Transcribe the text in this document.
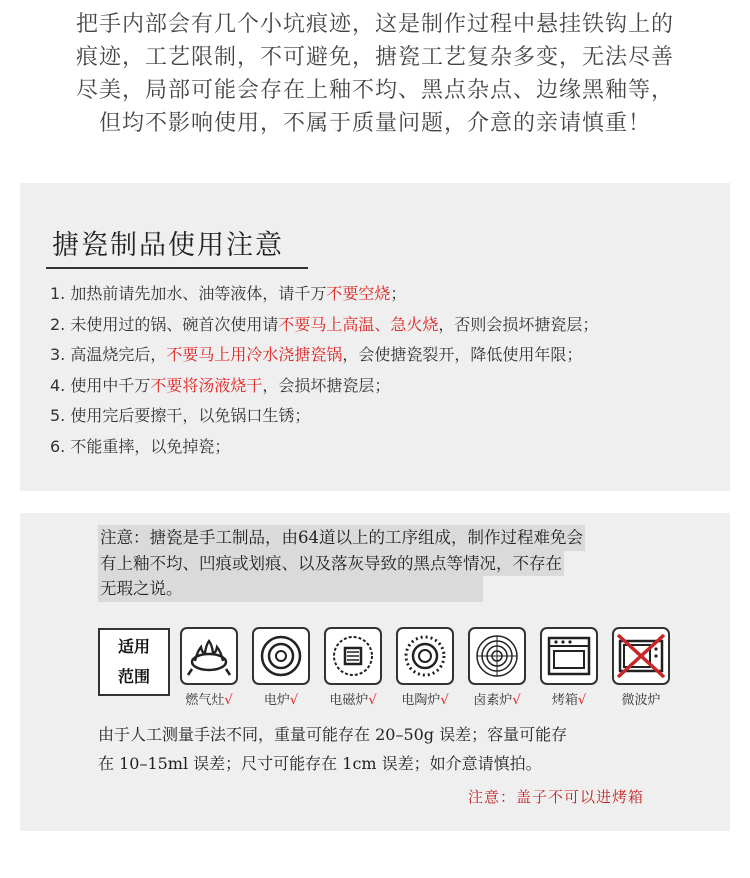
把手内部会有几个小坑痕迹，这是制作过程中悬挂铁钩上的
痕迹，工艺限制，不可避免，搪瓷工艺复杂多变，无法尽善
尽美，局部可能会存在上釉不均、黑点杂点、边缘黑釉等，
但均不影响使用，不属于质量问题，介意的亲请慎重！
搪瓷制品使用注意
1. 加热前请先加水、油等液体，请千万不要空烧；
2. 未使用过的锅、碗首次使用请不要马上高温、急火烧，否则会损坏搪瓷层；
3. 高温烧完后，不要马上用冷水浇搪瓷锅，会使搪瓷裂开，降低使用年限；
4. 使用中千万不要将汤液烧干，会损坏搪瓷层；
5. 使用完后要擦干，以免锅口生锈；
6. 不能重摔，以免掉瓷；
注意：搪瓷是手工制品，由64道以上的工序组成，制作过程难免会
有上釉不均、凹痕或划痕、以及落灰导致的黑点等情况，不存在
无瑕之说。
适用
范围
燃气灶√	电炉√	电磁炉√	电陶炉√	卤素炉√	烤箱√	微波炉
由于人工测量手法不同，重量可能存在 20–50g 误差；容量可能存
在 10–15ml 误差；尺寸可能存在 1cm 误差；如介意请慎拍。
注意：盖子不可以进烤箱
